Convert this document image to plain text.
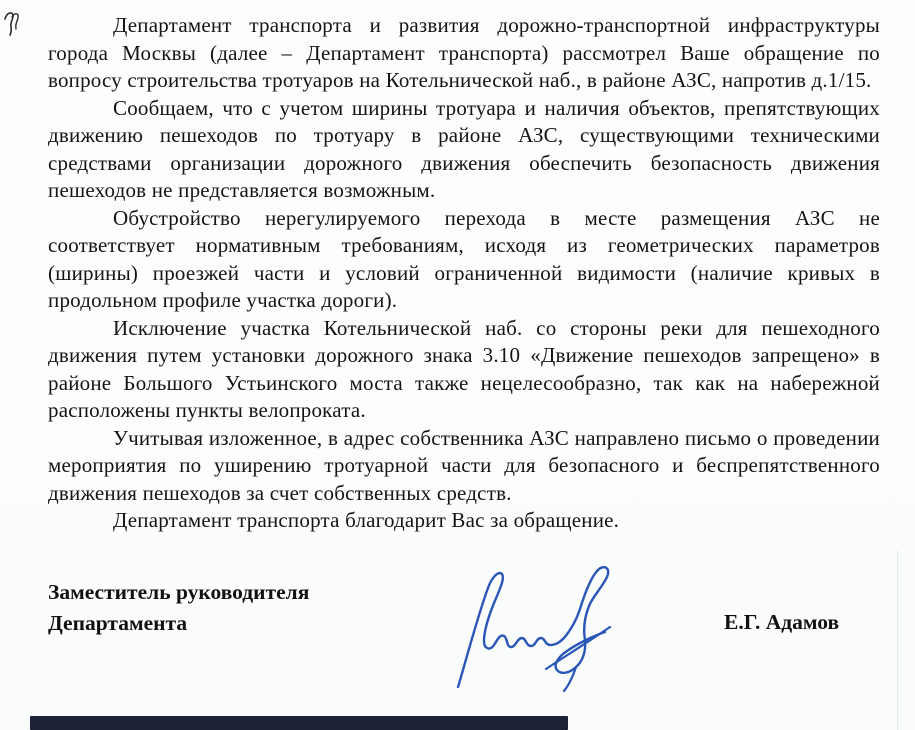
Департамент транспорта и развития дорожно-транспортной инфраструктуры города Москвы (далее – Департамент транспорта) рассмотрел Ваше обращение по вопросу строительства тротуаров на Котельнической наб., в районе АЗС, напротив д.1/15.

Сообщаем, что с учетом ширины тротуара и наличия объектов, препятствующих движению пешеходов по тротуару в районе АЗС, существующими техническими средствами организации дорожного движения обеспечить безопасность движения пешеходов не представляется возможным.

Обустройство нерегулируемого перехода в месте размещения АЗС не соответствует нормативным требованиям, исходя из геометрических параметров (ширины) проезжей части и условий ограниченной видимости (наличие кривых в продольном профиле участка дороги).

Исключение участка Котельнической наб. со стороны реки для пешеходного движения путем установки дорожного знака 3.10 «Движение пешеходов запрещено» в районе Большого Устьинского моста также нецелесообразно, так как на набережной расположены пункты велопроката.

Учитывая изложенное, в адрес собственника АЗС направлено письмо о проведении мероприятия по уширению тротуарной части для безопасного и беспрепятственного движения пешеходов за счет собственных средств.

Департамент транспорта благодарит Вас за обращение.

Заместитель руководителя
Департамента	Е.Г. Адамов
